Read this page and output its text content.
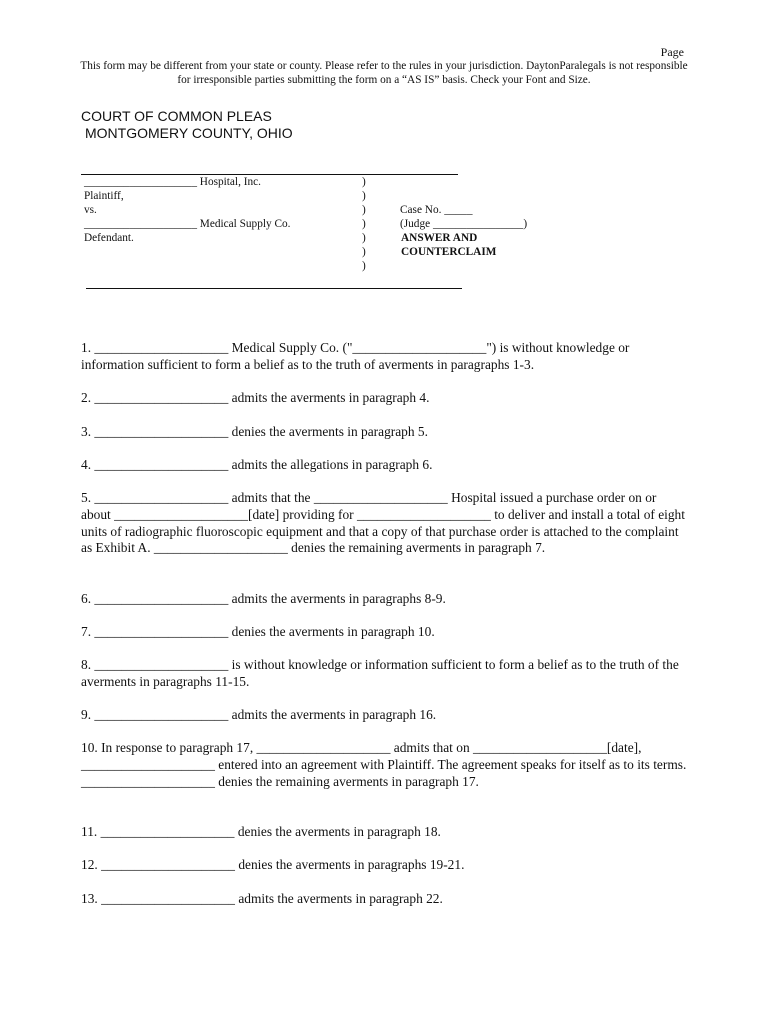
Page
This form may be different from your state or county. Please refer to the rules in your jurisdiction. DaytonParalegals is not responsible for irresponsible parties submitting the form on a “AS IS” basis. Check your Font and Size.
COURT OF COMMON PLEAS
MONTGOMERY COUNTY, OHIO
____________________ Hospital, Inc.
Plaintiff,
vs.
____________________ Medical Supply Co.
Defendant.
)
)
)
)
)
)
)
Case No. _____
(Judge ________________)
ANSWER AND
COUNTERCLAIM

1. ____________________ Medical Supply Co. ("____________________") is without knowledge or information sufficient to form a belief as to the truth of averments in paragraphs 1-3.

2. ____________________ admits the averments in paragraph 4.

3. ____________________ denies the averments in paragraph 5.

4. ____________________ admits the allegations in paragraph 6.

5. ____________________ admits that the ____________________ Hospital issued a purchase order on or about ____________________[date] providing for ____________________ to deliver and install a total of eight units of radiographic fluoroscopic equipment and that a copy of that purchase order is attached to the complaint as Exhibit A. ____________________ denies the remaining averments in paragraph 7.

6. ____________________ admits the averments in paragraphs 8-9.

7. ____________________ denies the averments in paragraph 10.

8. ____________________ is without knowledge or information sufficient to form a belief as to the truth of the averments in paragraphs 11-15.

9. ____________________ admits the averments in paragraph 16.

10. In response to paragraph 17, ____________________ admits that on ____________________[date], ____________________ entered into an agreement with Plaintiff. The agreement speaks for itself as to its terms. ____________________ denies the remaining averments in paragraph 17.

11. ____________________ denies the averments in paragraph 18.

12. ____________________ denies the averments in paragraphs 19-21.

13. ____________________ admits the averments in paragraph 22.
